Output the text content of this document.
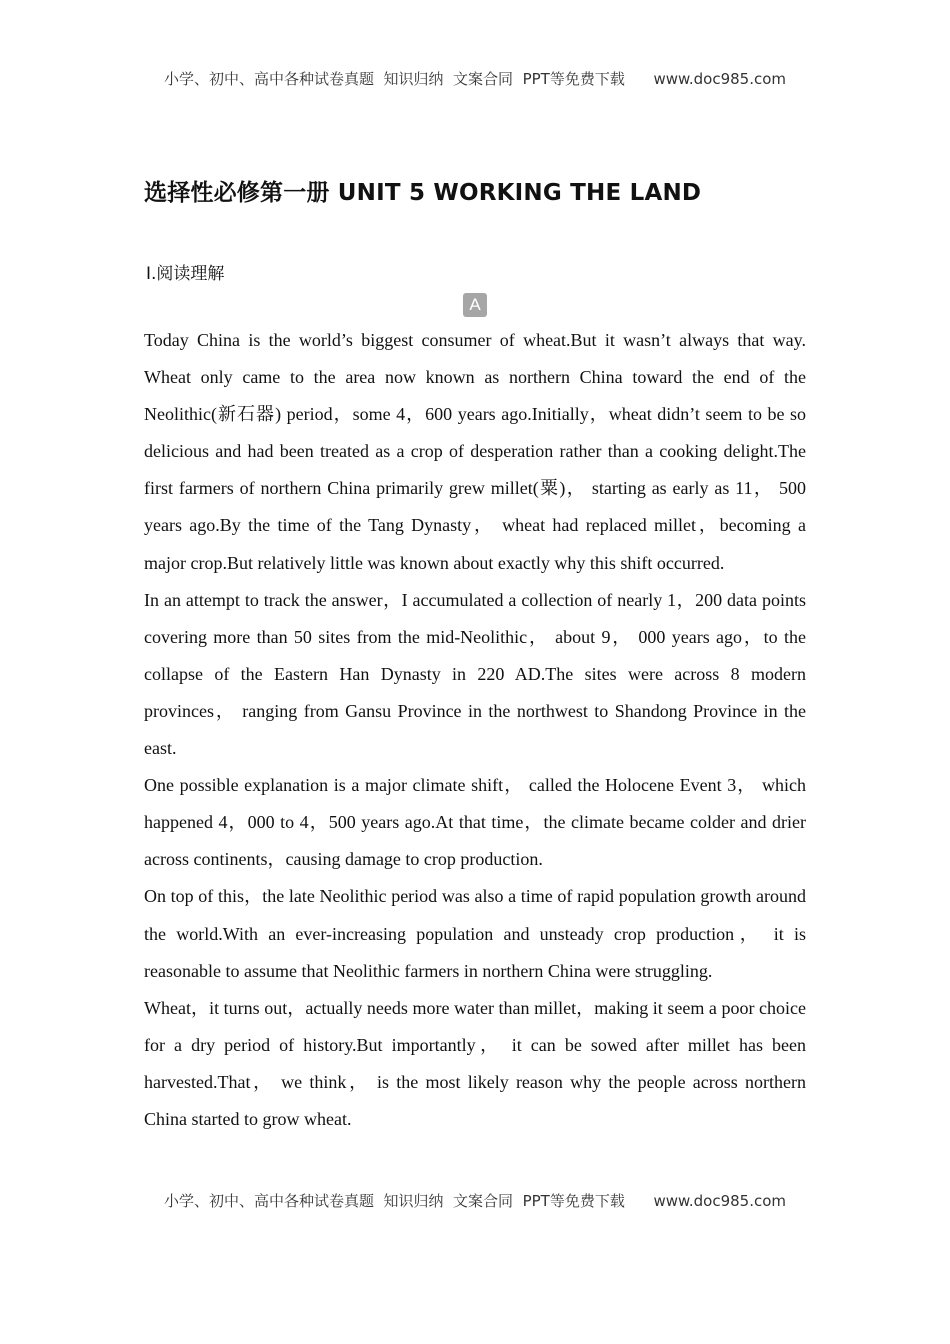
小学、初中、高中各种试卷真题  知识归纳  文案合同  PPT等免费下载      www.doc985.com
选择性必修第一册 UNIT 5 WORKING THE LAND
Ⅰ.阅读理解
A

Today China is the world’s biggest consumer of wheat.But it wasn’t always that way. Wheat only came to the area now known as northern China toward the end of the Neolithic(新石器) period，some 4，600 years ago.Initially，wheat didn’t seem to be so delicious and had been treated as a crop of desperation rather than a cooking delight.The first farmers of northern China primarily grew millet(粟)， starting as early as 11， 500 years ago.By the time of the Tang Dynasty， wheat had replaced millet，becoming a major crop.But relatively little was known about exactly why this shift occurred.

In an attempt to track the answer，I accumulated a collection of nearly 1，200 data points covering more than 50 sites from the mid-Neolithic， about 9， 000 years ago，to the collapse of the Eastern Han Dynasty in 220 AD.The sites were across 8 modern provinces， ranging from Gansu Province in the northwest to Shandong Province in the east.

One possible explanation is a major climate shift， called the Holocene Event 3， which happened 4，000 to 4，500 years ago.At that time，the climate became colder and drier across continents，causing damage to crop production.

On top of this，the late Neolithic period was also a time of rapid population growth around the world.With an ever-increasing population and unsteady crop production， it is reasonable to assume that Neolithic farmers in northern China were struggling.

Wheat，it turns out，actually needs more water than millet，making it seem a poor choice for a dry period of history.But importantly， it can be sowed after millet has been harvested.That， we think， is the most likely reason why the people across northern China started to grow wheat.

小学、初中、高中各种试卷真题  知识归纳  文案合同  PPT等免费下载      www.doc985.com
